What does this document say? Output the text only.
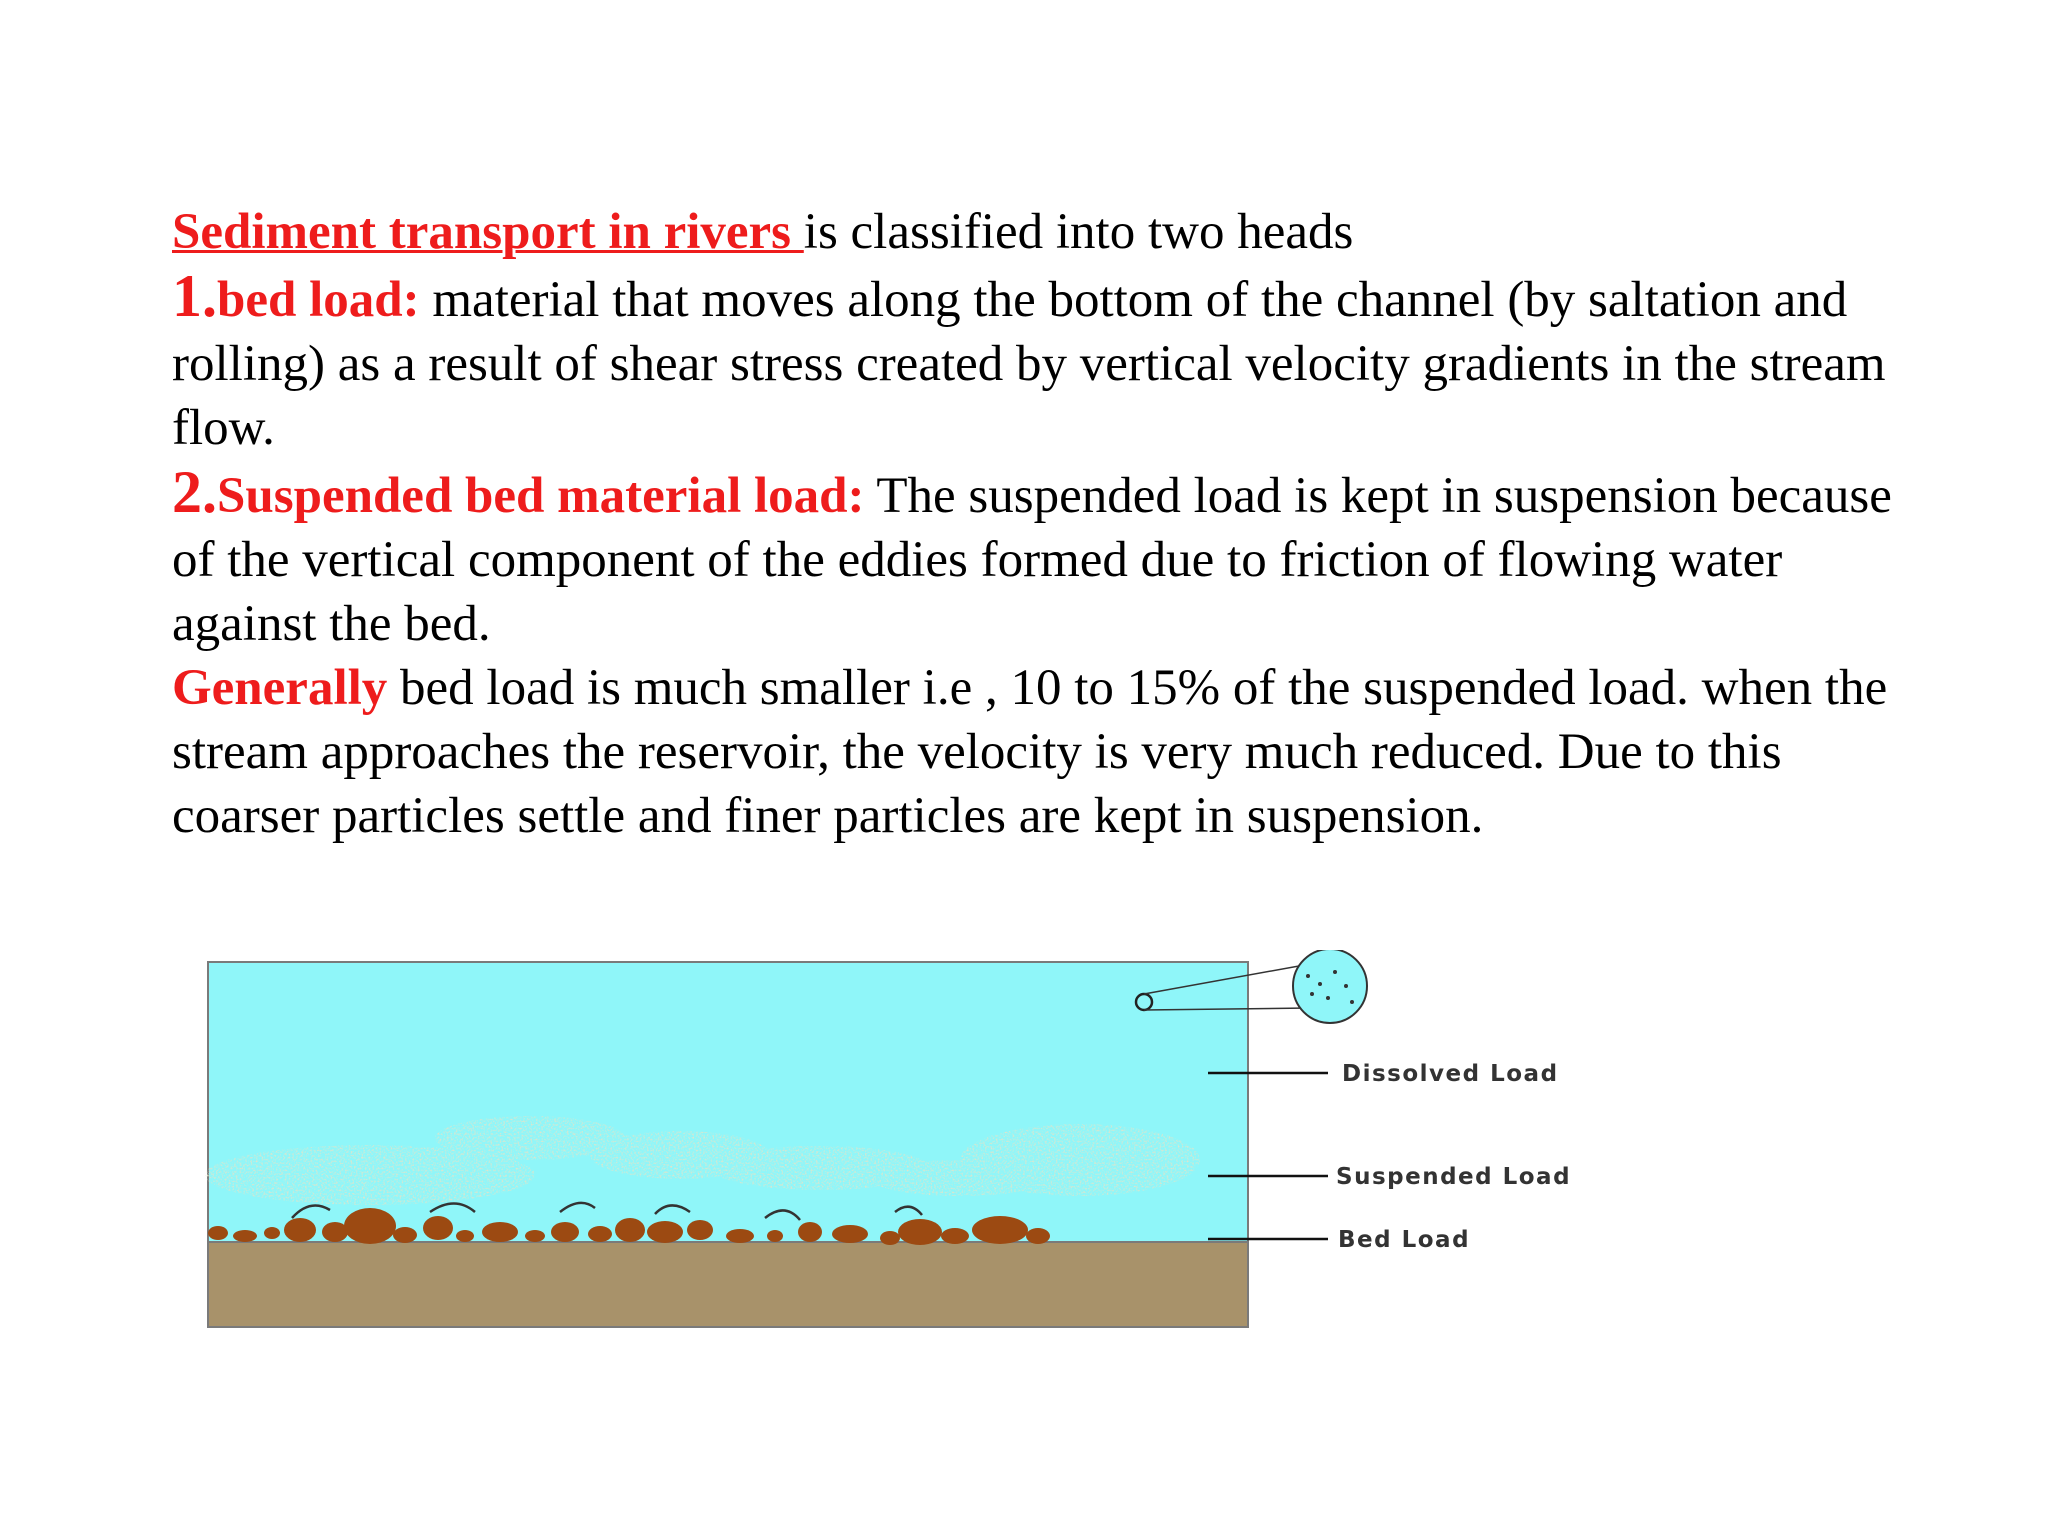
Sediment transport in rivers is classified into two heads

1.bed load: material that moves along the bottom of the channel (by saltation and rolling) as a result of shear stress created by vertical velocity gradients in the stream flow.

2.Suspended bed material load: The suspended load is kept in suspension because of the vertical component of the eddies formed due to friction of flowing water against the bed.

Generally bed load is much smaller i.e , 10 to 15% of the suspended load. when the stream approaches the reservoir, the velocity is very much reduced. Due to this coarser particles settle and finer particles are kept in suspension.

Dissolved Load
Suspended Load
Bed Load
